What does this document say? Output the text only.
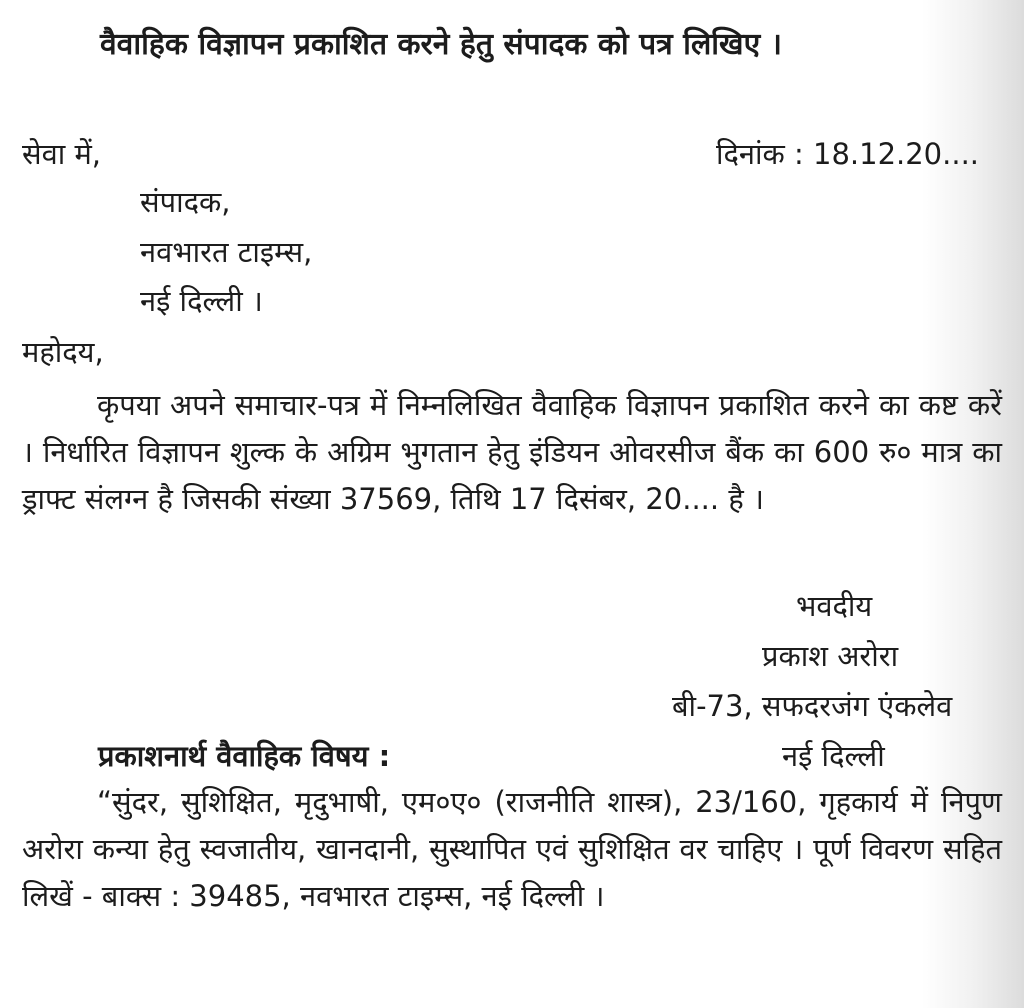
वैवाहिक विज्ञापन प्रकाशित करने हेतु संपादक को पत्र लिखिए ।
सेवा में,	दिनांक : 18.12.20....
संपादक,
नवभारत टाइम्स,
नई दिल्ली ।
महोदय,
कृपया अपने समाचार-पत्र में निम्नलिखित वैवाहिक विज्ञापन प्रकाशित करने का कष्ट करें । निर्धारित विज्ञापन शुल्क के अग्रिम भुगतान हेतु इंडियन ओवरसीज बैंक का 600 रु० मात्र का ड्राफ्ट संलग्न है जिसकी संख्या 37569, तिथि 17 दिसंबर, 20.... है ।
भवदीय
प्रकाश अरोरा
बी-73, सफदरजंग एंकलेव
नई दिल्ली
प्रकाशनार्थ वैवाहिक विषय :
“सुंदर, सुशिक्षित, मृदुभाषी, एम०ए० (राजनीति शास्त्र), 23/160, गृहकार्य में निपुण अरोरा कन्या हेतु स्वजातीय, खानदानी, सुस्थापित एवं सुशिक्षित वर चाहिए । पूर्ण विवरण सहित लिखें - बाक्स : 39485, नवभारत टाइम्स, नई दिल्ली ।
